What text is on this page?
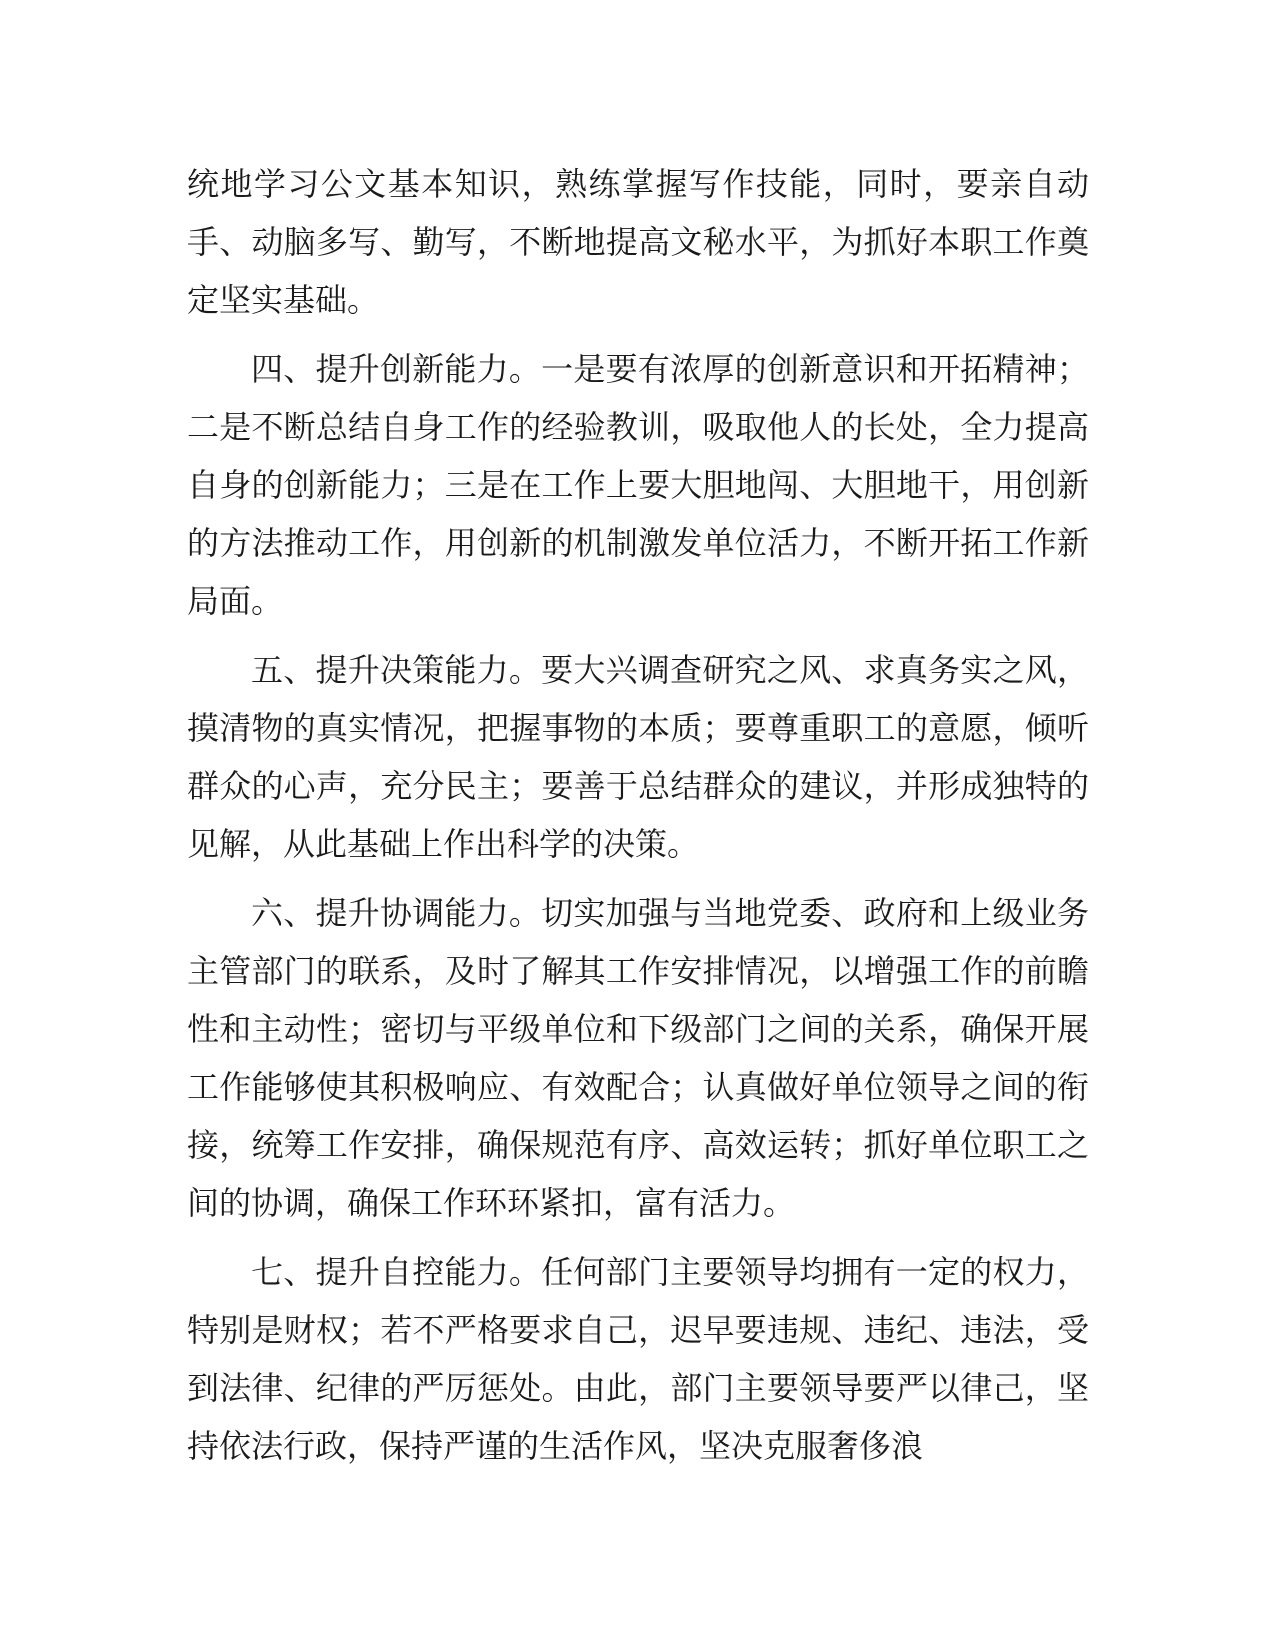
统地学习公文基本知识，熟练掌握写作技能，同时，要亲自动手、动脑多写、勤写，不断地提高文秘水平，为抓好本职工作奠定坚实基础。

四、提升创新能力。一是要有浓厚的创新意识和开拓精神；二是不断总结自身工作的经验教训，吸取他人的长处，全力提高自身的创新能力；三是在工作上要大胆地闯、大胆地干，用创新的方法推动工作，用创新的机制激发单位活力，不断开拓工作新局面。

五、提升决策能力。要大兴调查研究之风、求真务实之风，摸清物的真实情况，把握事物的本质；要尊重职工的意愿，倾听群众的心声，充分民主；要善于总结群众的建议，并形成独特的见解，从此基础上作出科学的决策。

六、提升协调能力。切实加强与当地党委、政府和上级业务主管部门的联系，及时了解其工作安排情况，以增强工作的前瞻性和主动性；密切与平级单位和下级部门之间的关系，确保开展工作能够使其积极响应、有效配合；认真做好单位领导之间的衔接，统筹工作安排，确保规范有序、高效运转；抓好单位职工之间的协调，确保工作环环紧扣，富有活力。

七、提升自控能力。任何部门主要领导均拥有一定的权力，特别是财权；若不严格要求自己，迟早要违规、违纪、违法，受到法律、纪律的严厉惩处。由此，部门主要领导要严以律己，坚持依法行政，保持严谨的生活作风，坚决克服奢侈浪
